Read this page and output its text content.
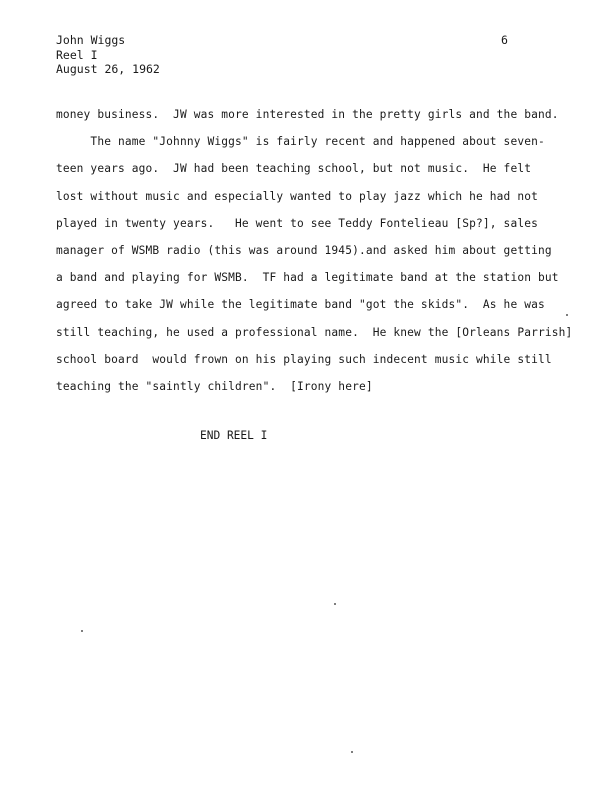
John Wiggs
Reel I
August 26, 1962
6
money business.  JW was more interested in the pretty girls and the band.
The name "Johnny Wiggs" is fairly recent and happened about seven-
teen years ago.  JW had been teaching school, but not music.  He felt
lost without music and especially wanted to play jazz which he had not
played in twenty years.   He went to see Teddy Fontelieau [Sp?], sales
manager of WSMB radio (this was around 1945).and asked him about getting
a band and playing for WSMB.  TF had a legitimate band at the station but
agreed to take JW while the legitimate band "got the skids".  As he was
still teaching, he used a professional name.  He knew the [Orleans Parrish]
school board  would frown on his playing such indecent music while still
teaching the "saintly children".  [Irony here]
END REEL I
